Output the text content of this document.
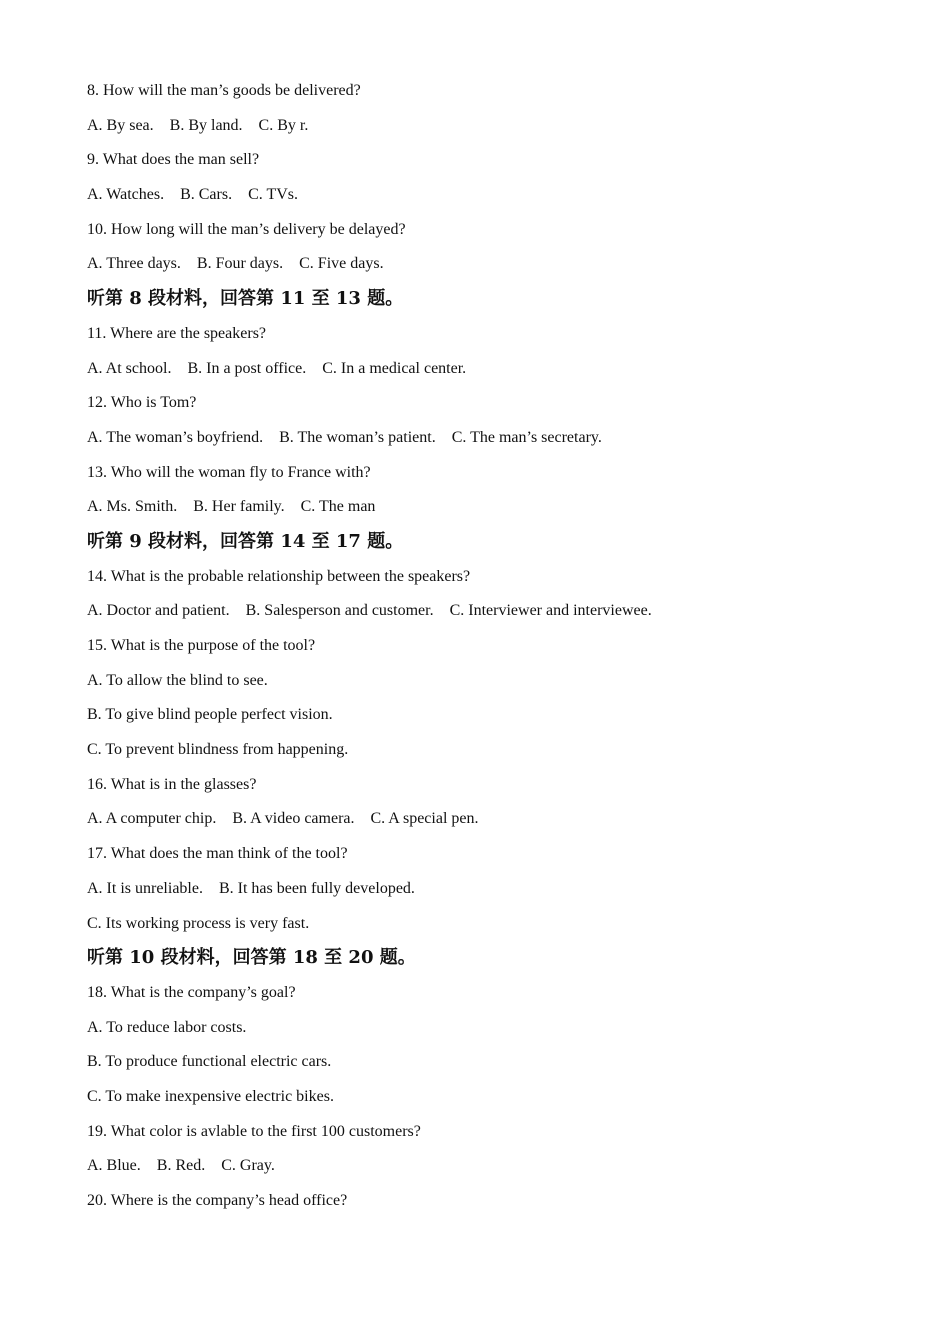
8. How will the man’s goods be delivered?
A. By sea.    B. By land.    C. By r.
9. What does the man sell?
A. Watches.    B. Cars.    C. TVs.
10. How long will the man’s delivery be delayed?
A. Three days.    B. Four days.    C. Five days.
听第 8 段材料，回答第 11 至 13 题。
11. Where are the speakers?
A. At school.    B. In a post office.    C. In a medical center.
12. Who is Tom?
A. The woman’s boyfriend.    B. The woman’s patient.    C. The man’s secretary.
13. Who will the woman fly to France with?
A. Ms. Smith.    B. Her family.    C. The man
听第 9 段材料，回答第 14 至 17 题。
14. What is the probable relationship between the speakers?
A. Doctor and patient.    B. Salesperson and customer.    C. Interviewer and interviewee.
15. What is the purpose of the tool?
A. To allow the blind to see.
B. To give blind people perfect vision.
C. To prevent blindness from happening.
16. What is in the glasses?
A. A computer chip.    B. A video camera.    C. A special pen.
17. What does the man think of the tool?
A. It is unreliable.    B. It has been fully developed.
C. Its working process is very fast.
听第 10 段材料，回答第 18 至 20 题。
18. What is the company’s goal?
A. To reduce labor costs.
B. To produce functional electric cars.
C. To make inexpensive electric bikes.
19. What color is avlable to the first 100 customers?
A. Blue.    B. Red.    C. Gray.
20. Where is the company’s head office?
